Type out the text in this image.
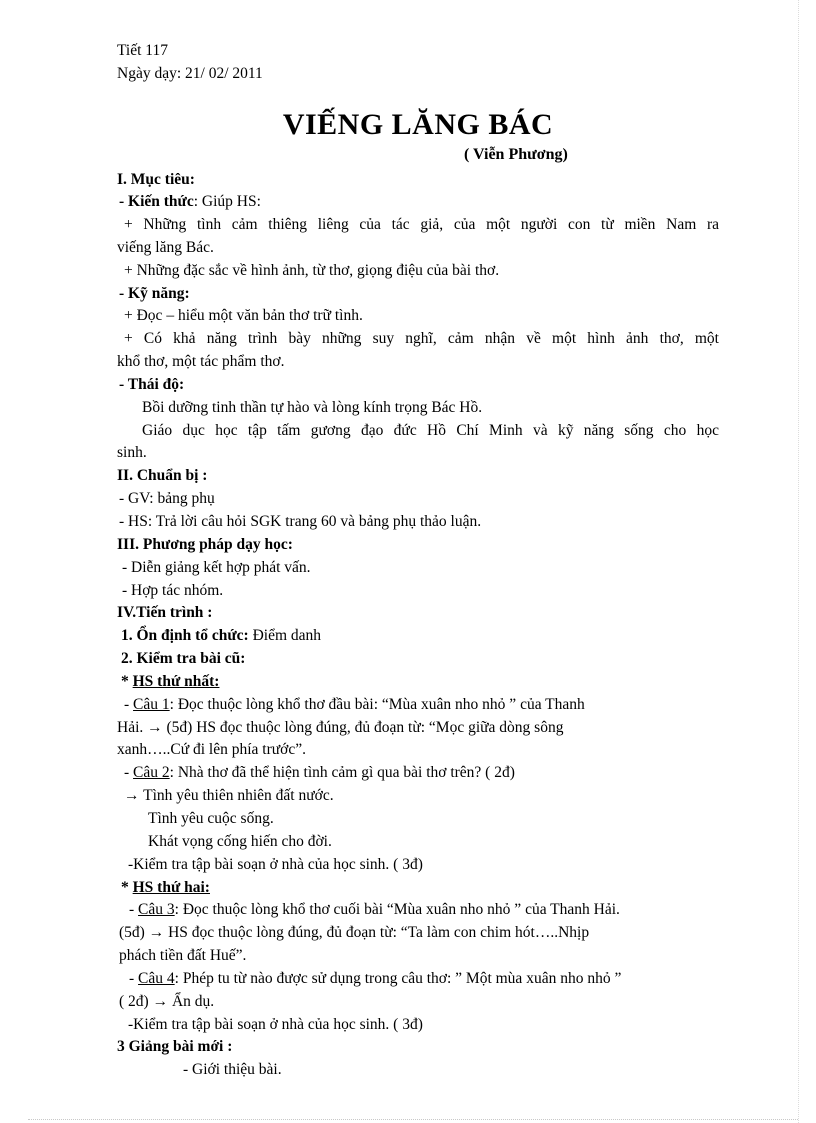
Tiết 117
Ngày dạy: 21/ 02/ 2011
VIẾNG LĂNG BÁC
( Viễn Phương)
I. Mục tiêu:
- Kiến thức: Giúp HS:
+ Những tình cảm thiêng liêng của tác giả, của một người con từ miền Nam ra
viếng lăng Bác.
+ Những đặc sắc về hình ảnh, từ thơ, giọng điệu của bài thơ.
- Kỹ năng:
+ Đọc – hiểu một văn bản thơ trữ tình.
+ Có khả năng trình bày những suy nghĩ, cảm nhận về một hình ảnh thơ, một
khổ thơ, một tác phẩm thơ.
- Thái độ:
Bồi dưỡng tinh thần tự hào và lòng kính trọng Bác Hồ.
Giáo dục học tập tấm gương đạo đức Hồ Chí Minh và kỹ năng sống cho học
sinh.
II. Chuẩn bị :
- GV: bảng phụ
- HS: Trả lời câu hỏi SGK trang 60 và bảng phụ thảo luận.
III. Phương pháp dạy học:
- Diễn giảng kết hợp phát vấn.
- Hợp tác nhóm.
IV.Tiến trình :
1. Ổn định tổ chức: Điểm danh
2. Kiểm tra bài cũ:
* HS thứ nhất:
- Câu 1: Đọc thuộc lòng khổ thơ đầu bài: “Mùa xuân nho nhỏ ” của Thanh
Hải. → (5đ) HS đọc thuộc lòng đúng, đủ đoạn từ: “Mọc giữa dòng sông
xanh…..Cứ đi lên phía trước”.
- Câu 2: Nhà thơ đã thể hiện tình cảm gì qua bài thơ trên? ( 2đ)
→ Tình yêu thiên nhiên đất nước.
Tình yêu cuộc sống.
Khát vọng cống hiến cho đời.
-Kiểm tra tập bài soạn ở nhà của học sinh. ( 3đ)
* HS thứ hai:
- Câu 3: Đọc thuộc lòng khổ thơ cuối bài “Mùa xuân nho nhỏ ” của Thanh Hải.
(5đ) → HS đọc thuộc lòng đúng, đủ đoạn từ: “Ta làm con chim hót…..Nhịp
phách tiền đất Huế”.
- Câu 4: Phép tu từ nào được sử dụng trong câu thơ: ” Một mùa xuân nho nhỏ ”
( 2đ) → Ẩn dụ.
-Kiểm tra tập bài soạn ở nhà của học sinh. ( 3đ)
3 Giảng bài mới :
- Giới thiệu bài.
